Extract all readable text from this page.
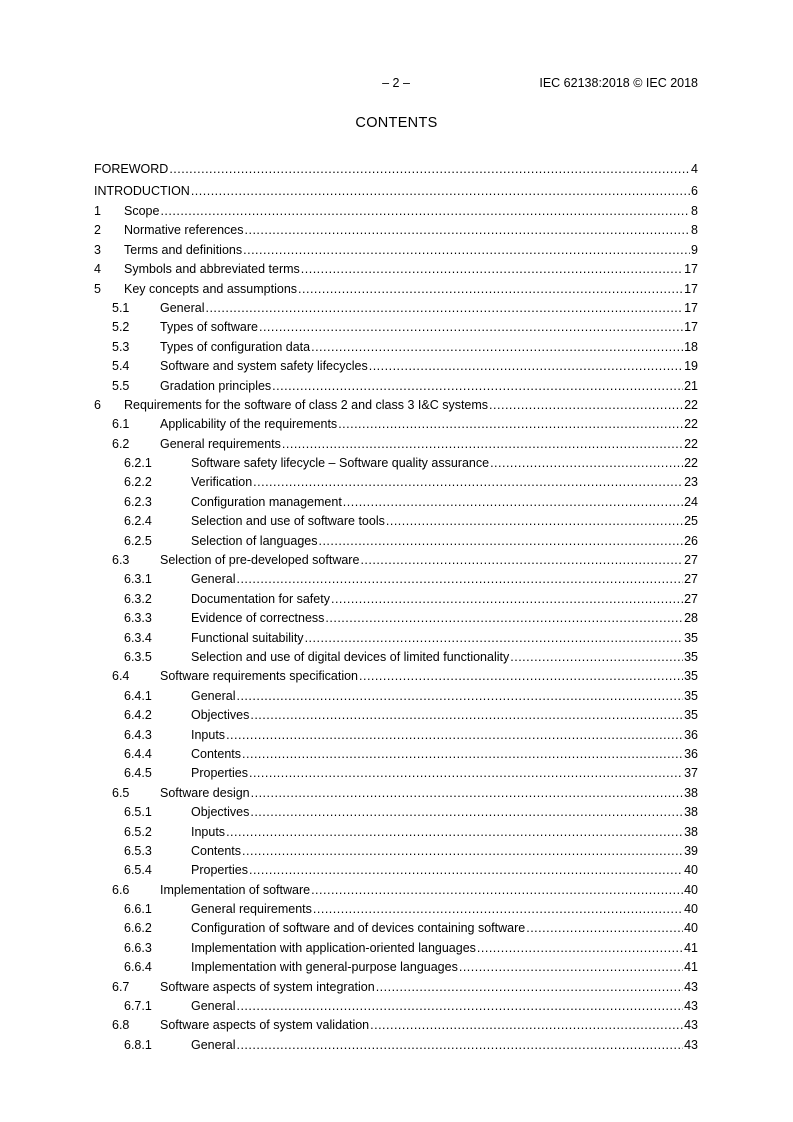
– 2 –	IEC 62138:2018 © IEC 2018
CONTENTS
FOREWORD .....	4
INTRODUCTION .....	6
1	Scope .....	8
2	Normative references .....	8
3	Terms and definitions .....	9
4	Symbols and abbreviated terms .....	17
5	Key concepts and assumptions .....	17
5.1	General .....	17
5.2	Types of software .....	17
5.3	Types of configuration data .....	18
5.4	Software and system safety lifecycles .....	19
5.5	Gradation principles .....	21
6	Requirements for the software of class 2 and class 3 I&C systems .....	22
6.1	Applicability of the requirements .....	22
6.2	General requirements .....	22
6.2.1	Software safety lifecycle – Software quality assurance .....	22
6.2.2	Verification .....	23
6.2.3	Configuration management .....	24
6.2.4	Selection and use of software tools .....	25
6.2.5	Selection of languages .....	26
6.3	Selection of pre-developed software .....	27
6.3.1	General .....	27
6.3.2	Documentation for safety .....	27
6.3.3	Evidence of correctness .....	28
6.3.4	Functional suitability .....	35
6.3.5	Selection and use of digital devices of limited functionality .....	35
6.4	Software requirements specification .....	35
6.4.1	General .....	35
6.4.2	Objectives .....	35
6.4.3	Inputs .....	36
6.4.4	Contents .....	36
6.4.5	Properties .....	37
6.5	Software design .....	38
6.5.1	Objectives .....	38
6.5.2	Inputs .....	38
6.5.3	Contents .....	39
6.5.4	Properties .....	40
6.6	Implementation of software .....	40
6.6.1	General requirements .....	40
6.6.2	Configuration of software and of devices containing software .....	40
6.6.3	Implementation with application-oriented languages .....	41
6.6.4	Implementation with general-purpose languages .....	41
6.7	Software aspects of system integration .....	43
6.7.1	General .....	43
6.8	Software aspects of system validation .....	43
6.8.1	General .....	43
